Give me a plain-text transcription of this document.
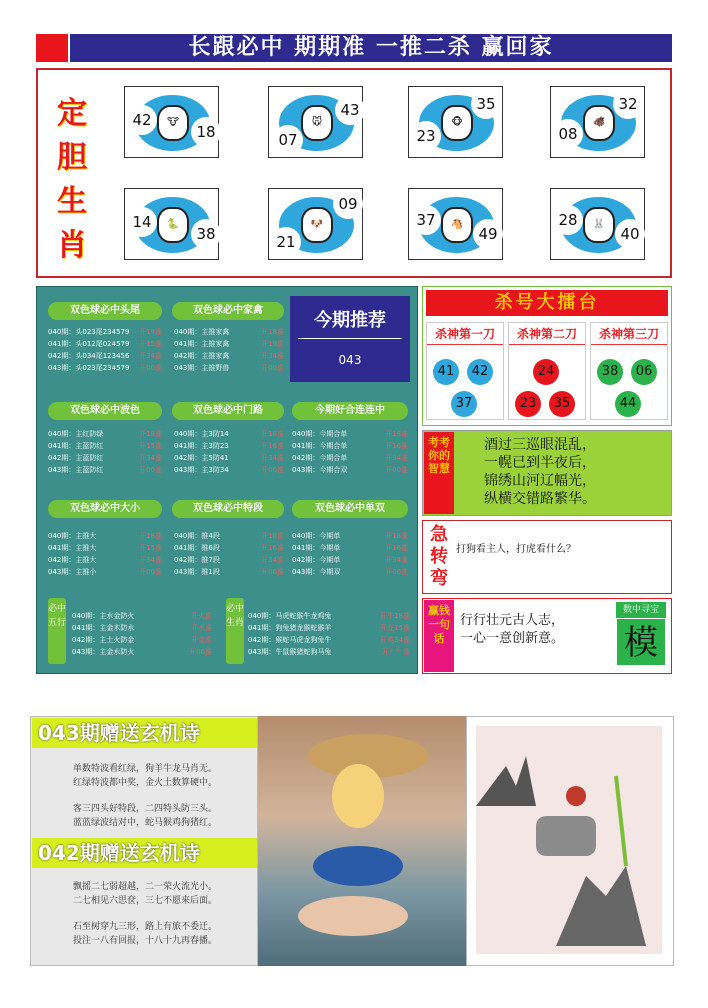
长跟必中 期期准 一推二杀 赢回家
定
胆
生
肖
🐮
42
18
🐭
07
43
🐵
23
35
🐗
08
32
🐍
14
38
🐶
21
09
🐴
37
49
🐰
28
40
双色球必中头尾
040期：头023尾234579 开19准
041期：头012尾024579 开15准
042期：头034尾123456 开34准
043期：头023尾234579 开00准
双色球必中家禽
040期：主推家禽	开18准
041期：主推家禽	开19准
042期：主推家禽	开34准
043期：主推野兽	开00准
今期推荐
043
双色球必中波色
040期：主红防绿	开18准
041期：主蓝防红	开15准
042期：主蓝防红	开34准
043期：主蓝防红	开00准
双色球必中门路
040期：主3防14	开18准
041期：主3防23	开16准
042期：主5防41	开34准
043期：主3防34	开00准
今期好合连连中
040期：今期合单	开18准
041期：今期合单	开16准
042期：今期合单	开34准
043期：今期合双	开00准
双色球必中大小
040期：主推大	开18准
041期：主推大	开15准
042期：主推大	开34准
043期：主推小	开00准
双色球必中特段
040期：推4段	开18准
041期：推6段	开16准
042期：推7段	开34准
043期：推1段	开00准
双色球必中单双
040期：今期单	开18准
041期：今期单	开16准
042期：今期单	开34准
043期：今期双	开00准
必中五行
040期：主水金防火	开火准
041期：主金木防水	开水准
042期：主土火防金	开金准
043期：主金水防火	开00准
必中生肖
040期：马虎蛇猴牛龙鸡兔	开牛18准
041期：狗兔猪龙猴蛇猴羊	开龙15准
042期：猴蛇马虎龙狗兔牛	开鸡34准
043期：牛鼠猴猪蛇狗马兔	开？？准
杀号大擂台
杀神第一刀
41	42
37
杀神第二刀
24
23	35
杀神第三刀
38	06
44
考考你的智慧
酒过三巡眼混乱，
一幌已到半夜后，
锦绣山河辽幅光，
纵横交错路繁华。
急转弯
打狗看主人，打虎看什么？
赢钱一句话
行行壮元古人志，
一心一意创新意。
数中寻宝
模
043期赠送玄机诗
单数特波看红绿，狗羊牛龙马肖无。
红绿特波都中奖，金火土数算硬中。
客三四头好特段，二四特头防三头。
蓝蓝绿波结对中，蛇马猴鸡狗猪红。
042期赠送玄机诗
飘摇二七弱超越，二一荣火流光小。
二七相见六思奁，三七不愿来后面。
石至树穿九三形，路上有旅不委迁。
投注一八有回报，十八十九再春播。
